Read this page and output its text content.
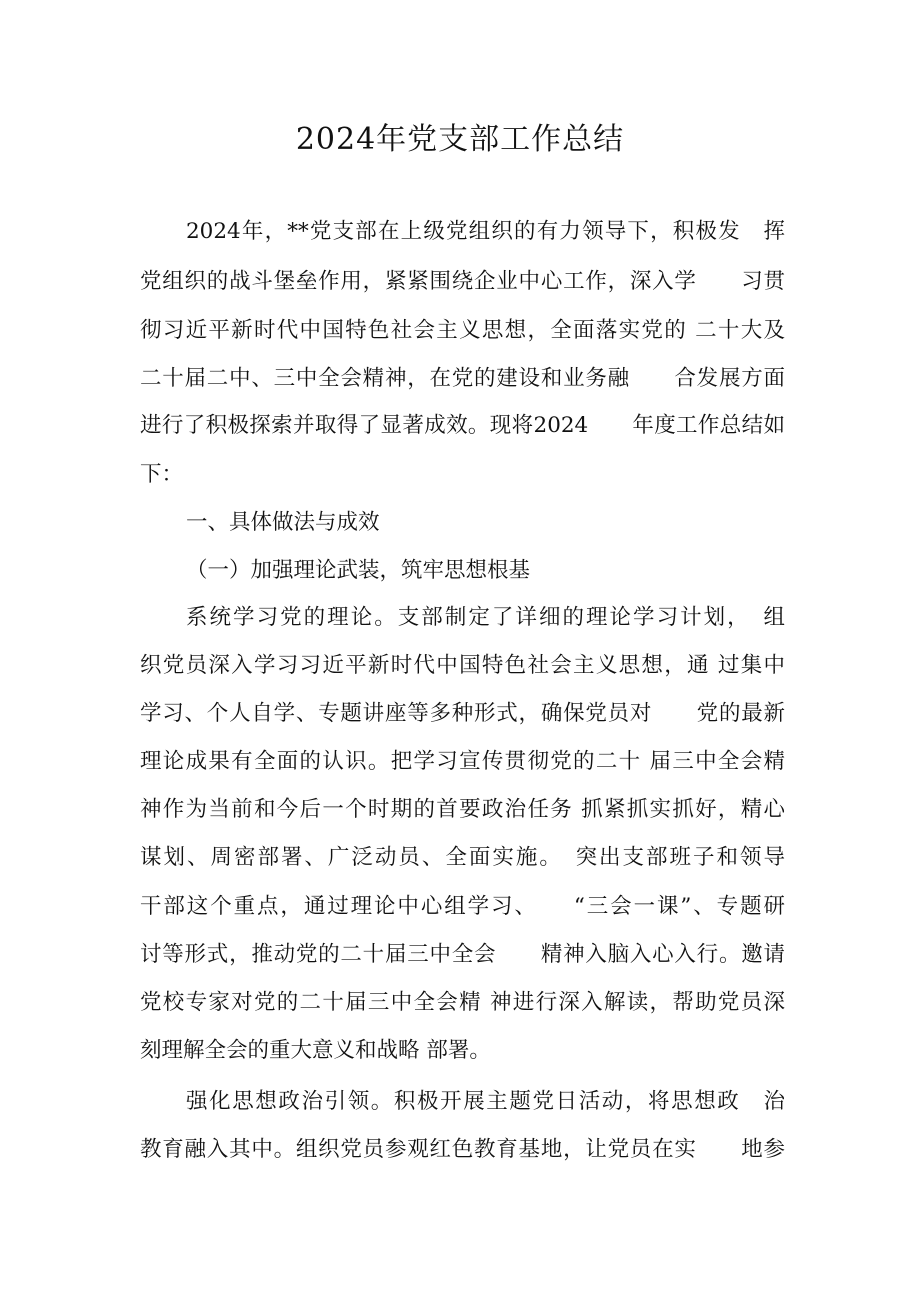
2024年党支部工作总结
2024年，**党支部在上级党组织的有力领导下，积极发　挥
党组织的战斗堡垒作用，紧紧围绕企业中心工作，深入学　　习贯
彻习近平新时代中国特色社会主义思想，全面落实党的 二十大及
二十届二中、三中全会精神，在党的建设和业务融　　合发展方面
进行了积极探索并取得了显著成效。现将2024　　年度工作总结如
下：
一、具体做法与成效
（一）加强理论武装，筑牢思想根基
系统学习党的理论。支部制定了详细的理论学习计划，　组
织党员深入学习习近平新时代中国特色社会主义思想，通 过集中
学习、个人自学、专题讲座等多种形式，确保党员对　　党的最新
理论成果有全面的认识。把学习宣传贯彻党的二十 届三中全会精
神作为当前和今后一个时期的首要政治任务 抓紧抓实抓好，精心
谋划、周密部署、广泛动员、全面实施。　突出支部班子和领导
干部这个重点，通过理论中心组学习、　　“三会一课”、专题研
讨等形式，推动党的二十届三中全会　　精神入脑入心入行。邀请
党校专家对党的二十届三中全会精 神进行深入解读，帮助党员深
刻理解全会的重大意义和战略 部署。
强化思想政治引领。积极开展主题党日活动，将思想政　治
教育融入其中。组织党员参观红色教育基地，让党员在实　　地参
